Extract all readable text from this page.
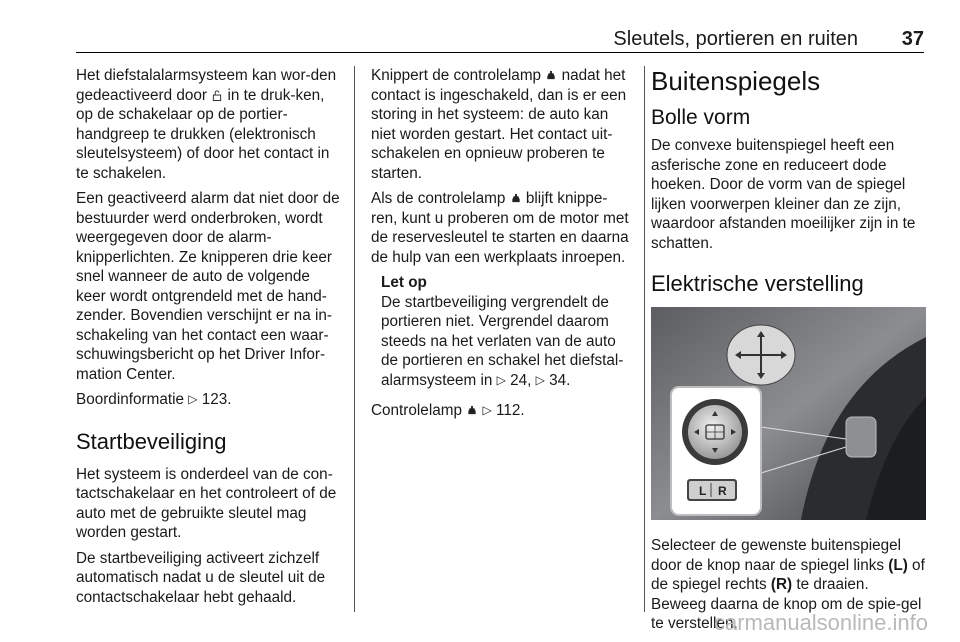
Sleutels, portieren en ruiten 37

Het diefstalalarmsysteem kan wor-den gedeactiveerd door  in te druk-ken, op de schakelaar op de portier-handgreep te drukken (elektronisch sleutelsysteem) of door het contact in te schakelen.

Een geactiveerd alarm dat niet door de bestuurder werd onderbroken, wordt weergegeven door de alarm-knipperlichten. Ze knipperen drie keer snel wanneer de auto de volgende keer wordt ontgrendeld met de hand-zender. Bovendien verschijnt er na in-schakeling van het contact een waar-schuwingsbericht op het Driver Infor-mation Center.

Boordinformatie ▷ 123.

Startbeveiliging

Het systeem is onderdeel van de con-tactschakelaar en het controleert of de auto met de gebruikte sleutel mag worden gestart.

De startbeveiliging activeert zichzelf automatisch nadat u de sleutel uit de contactschakelaar hebt gehaald.

Knippert de controlelamp  nadat het contact is ingeschakeld, dan is er een storing in het systeem: de auto kan niet worden gestart. Het contact uit-schakelen en opnieuw proberen te starten.

Als de controlelamp  blijft knippe-ren, kunt u proberen om de motor met de reservesleutel te starten en daarna de hulp van een werkplaats inroepen.

Let op
De startbeveiliging vergrendelt de portieren niet. Vergrendel daarom steeds na het verlaten van de auto de portieren en schakel het diefstal-alarmsysteem in ▷ 24, ▷ 34.

Controlelamp ▷ 112.

Buitenspiegels
Bolle vorm

De convexe buitenspiegel heeft een asferische zone en reduceert dode hoeken. Door de vorm van de spiegel lijken voorwerpen kleiner dan ze zijn, waardoor afstanden moeilijker zijn in te schatten.

Elektrische verstelling
L R

Selecteer de gewenste buitenspiegel door de knop naar de spiegel links (L) of de spiegel rechts (R) te draaien. Beweeg daarna de knop om de spie-gel te verstellen.

carmanualsonline.info
